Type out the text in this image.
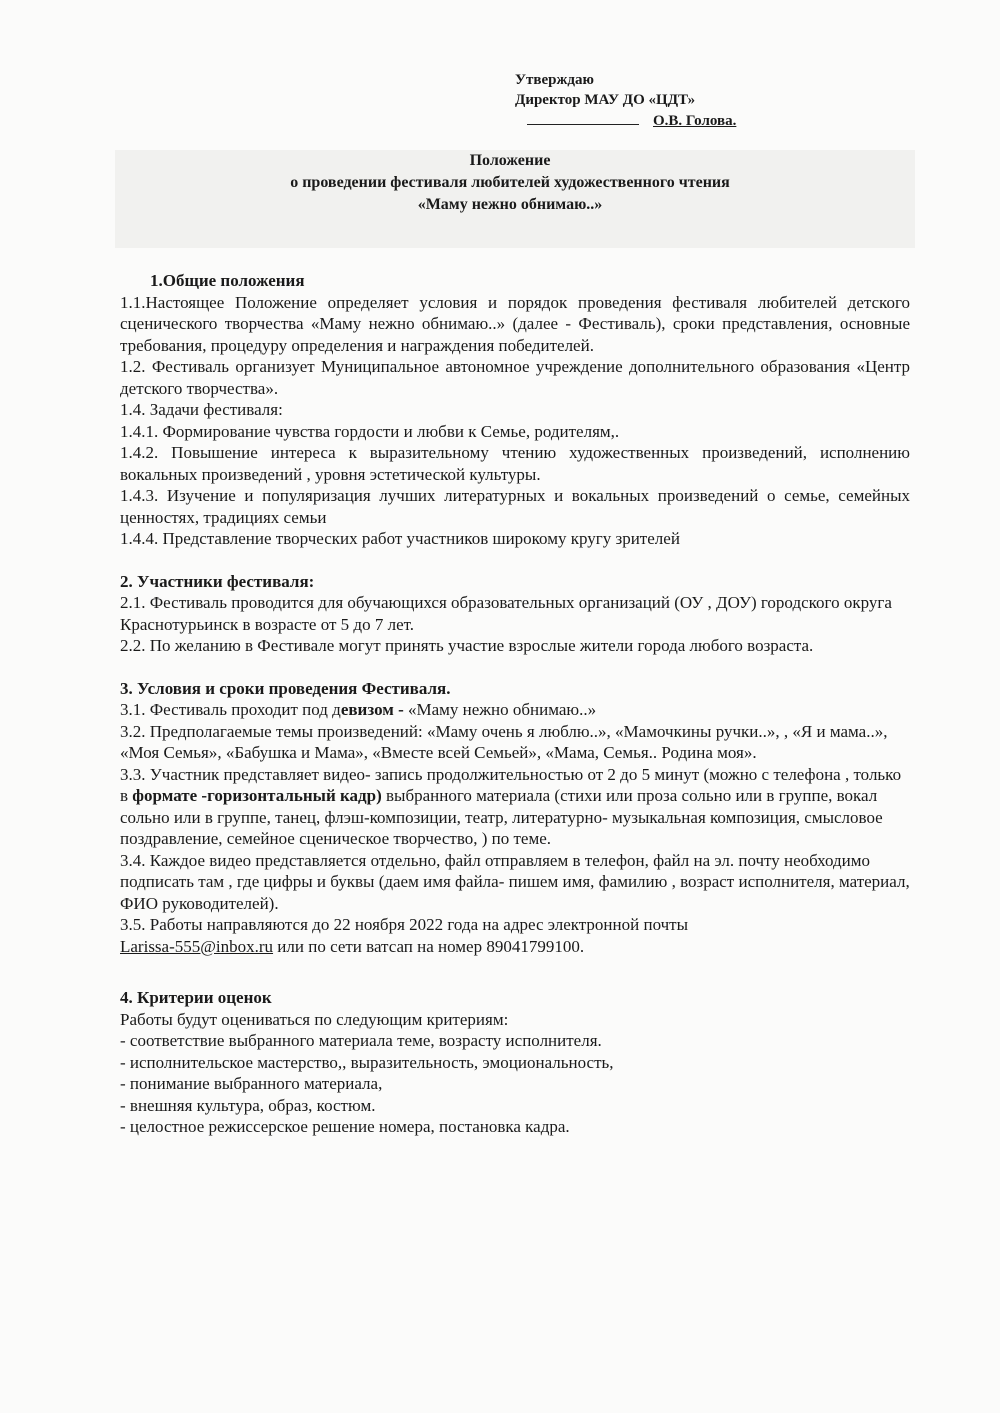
Утверждаю
Директор МАУ ДО «ЦДТ»
О.В. Голова.
Положение
о проведении фестиваля любителей художественного чтения
«Маму нежно обнимаю..»
1.Общие положения

1.1.Настоящее Положение определяет условия и порядок проведения фестиваля любителей детского сценического творчества «Маму нежно обнимаю..» (далее - Фестиваль), сроки представления, основные требования, процедуру определения и награждения победителей.

1.2. Фестиваль организует Муниципальное автономное учреждение дополнительного образования «Центр детского творчества».

1.4. Задачи фестиваля:

1.4.1. Формирование чувства гордости и любви к Семье, родителям,.

1.4.2. Повышение интереса к выразительному чтению художественных произведений, исполнению вокальных произведений , уровня эстетической культуры.

1.4.3. Изучение и популяризация лучших литературных и вокальных произведений о семье, семейных ценностях, традициях семьи

1.4.4. Представление творческих работ участников широкому кругу зрителей

2. Участники фестиваля:

2.1. Фестиваль проводится для обучающихся образовательных организаций (ОУ , ДОУ) городского округа Краснотурьинск в возрасте от 5 до 7 лет.

2.2. По желанию в Фестивале могут принять участие взрослые жители города любого возраста.

3. Условия и сроки проведения Фестиваля.

3.1. Фестиваль проходит под девизом - «Маму нежно обнимаю..»

3.2. Предполагаемые темы произведений: «Маму очень я люблю..», «Мамочкины ручки..», , «Я и мама..», «Моя Семья», «Бабушка и Мама», «Вместе всей Семьей», «Мама, Семья.. Родина моя».

3.3. Участник представляет видео- запись продолжительностью от 2 до 5 минут (можно с телефона , только в формате -горизонтальный кадр) выбранного материала (стихи или проза сольно или в группе, вокал сольно или в группе, танец, флэш-композиции, театр, литературно- музыкальная композиция, смысловое поздравление, семейное сценическое творчество, ) по теме.

3.4. Каждое видео представляется отдельно, файл отправляем в телефон, файл на эл. почту необходимо подписать там , где цифры и буквы (даем имя файла- пишем имя, фамилию , возраст исполнителя, материал, ФИО руководителей).

3.5. Работы направляются до 22 ноября 2022 года на адрес электронной почты
Larissa-555@inbox.ru или по сети ватсап на номер 89041799100.

4. Критерии оценок

Работы будут оцениваться по следующим критериям:

- соответствие выбранного материала теме, возрасту исполнителя.

- исполнительское мастерство,, выразительность, эмоциональность,

- понимание выбранного материала,

- внешняя культура, образ, костюм.

- целостное режиссерское решение номера, постановка кадра.
